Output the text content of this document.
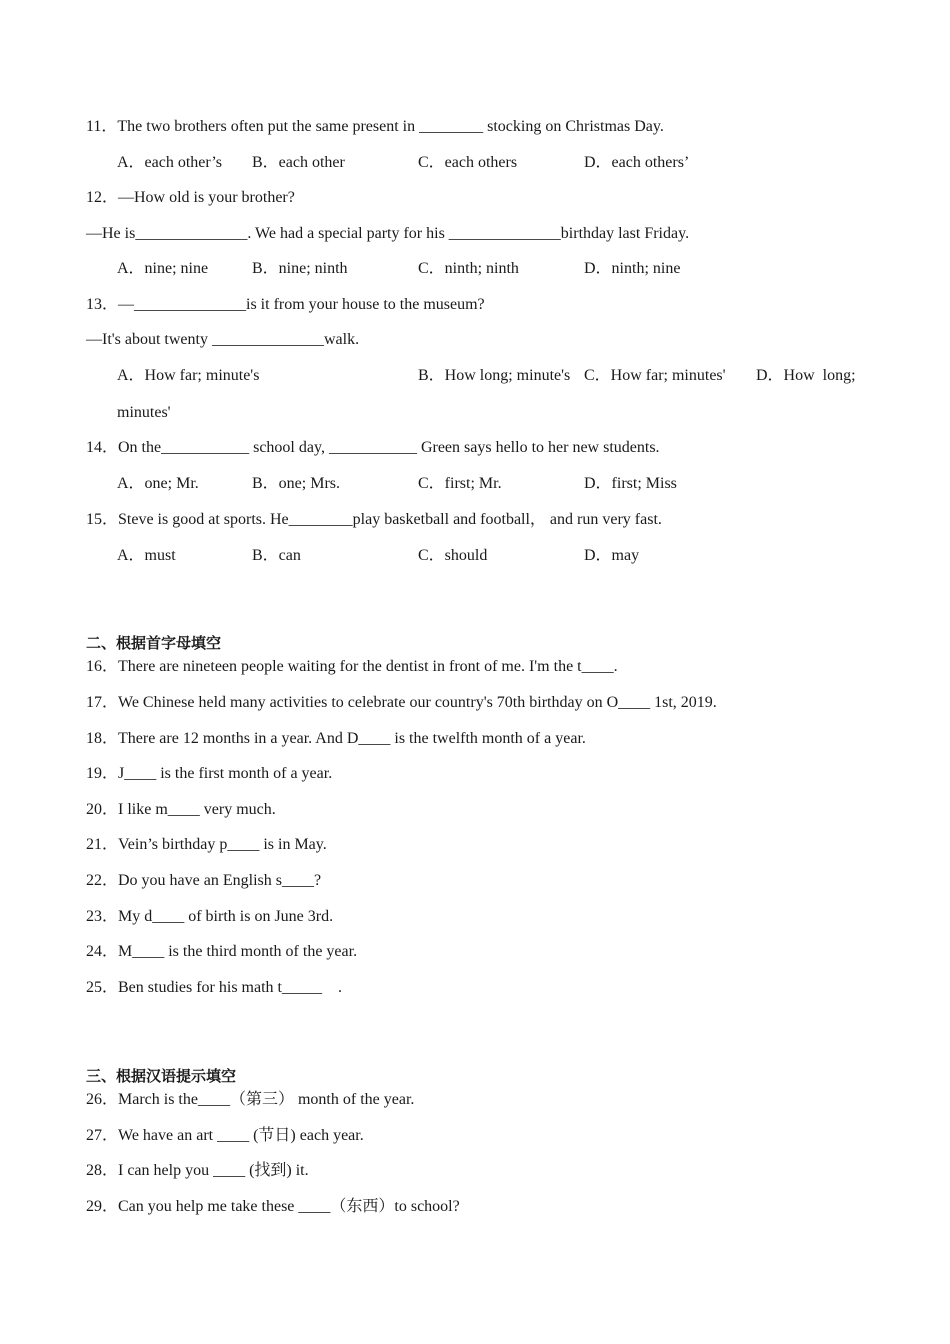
11．The two brothers often put the same present in ________ stocking on Christmas Day.
A．each other’s B．each other	C．each others	D．each others’
12．—How old is your brother?
—He is______________. We had a special party for his ______________birthday last Friday.
A．nine; nine	B．nine; ninth	C．ninth; ninth	D．ninth; nine
13．—______________is it from your house to the museum?
—It's about twenty ______________walk.
A．How far; minute's	B．How long; minute's C．How far; minutes' D．How  long;
minutes'
14．On the___________ school day, ___________ Green says hello to her new students.
A．one; Mr.	B．one; Mrs.	C．first; Mr.	D．first; Miss
15．Steve is good at sports. He________play basketball and football， and run very fast.
A．must	B．can	C．should	D．may
二、根据首字母填空
16．There are nineteen people waiting for the dentist in front of me. I'm the t____.
17．We Chinese held many activities to celebrate our country's 70th birthday on O____ 1st, 2019.
18．There are 12 months in a year. And D____ is the twelfth month of a year.
19．J____ is the first month of a year.
20．I like m____ very much.
21．Vein’s birthday p____ is in May.
22．Do you have an English s____?
23．My d____ of birth is on June 3rd.
24．M____ is the third month of the year.
25．Ben studies for his math t_____　.
三、根据汉语提示填空
26．March is the____（第三） month of the year.
27．We have an art ____ (节日) each year.
28．I can help you ____ (找到) it.
29．Can you help me take these ____（东西）to school?
